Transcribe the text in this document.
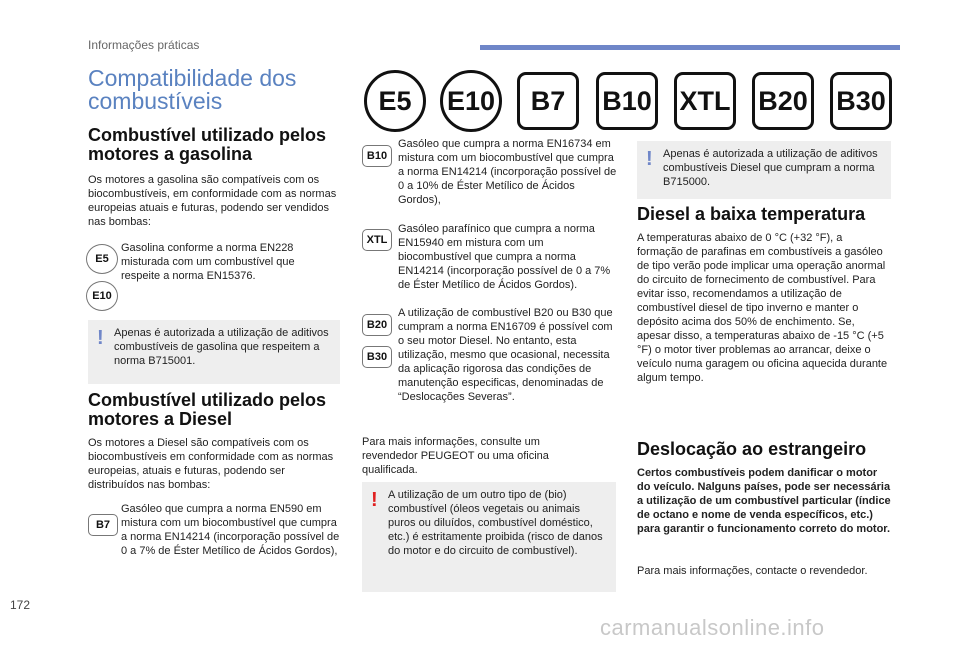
Informações práticas
Compatibilidade dos combustíveis	E5	E10	B7	B10 XTL B20 B30
Combustível utilizado pelos motores a gasolina
Os motores a gasolina são compatíveis com os biocombustíveis, em conformidade com as normas europeias atuais e futuras, podendo ser vendidos nas bombas:
E5
E10
Gasolina conforme a norma EN228 misturada com um combustível que respeite a norma EN15376.
! Apenas é autorizada a utilização de aditivos combustíveis de gasolina que respeitem a norma B715001.
Combustível utilizado pelos motores a Diesel
Os motores a Diesel são compatíveis com os biocombustíveis em conformidade com as normas europeias, atuais e futuras, podendo ser distribuídos nas bombas:
B7
Gasóleo que cumpra a norma EN590 em mistura com um biocombustível que cumpra a norma EN14214 (incorporação possível de 0 a 7% de Éster Metílico de Ácidos Gordos),
B10
Gasóleo que cumpra a norma EN16734 em mistura com um biocombustível que cumpra a norma EN14214 (incorporação possível de 0 a 10% de Éster Metílico de Ácidos Gordos),
XTL
Gasóleo parafínico que cumpra a norma EN15940 em mistura com um biocombustível que cumpra a norma EN14214 (incorporação possível de 0 a 7% de Éster Metílico de Ácidos Gordos).
B20
B30
A utilização de combustível B20 ou B30 que cumpram a norma EN16709 é possível com o seu motor Diesel. No entanto, esta utilização, mesmo que ocasional, necessita da aplicação rigorosa das condições de manutenção especificas, denominadas de “Deslocações Severas”.
Para mais informações, consulte um revendedor PEUGEOT ou uma oficina qualificada.
! A utilização de um outro tipo de (bio) combustível (óleos vegetais ou animais puros ou diluídos, combustível doméstico, etc.) é estritamente proibida (risco de danos do motor e do circuito de combustível).
! Apenas é autorizada a utilização de aditivos combustíveis Diesel que cumpram a norma B715000.
Diesel a baixa temperatura
A temperaturas abaixo de 0 °C (+32 °F), a formação de parafinas em combustíveis a gasóleo de tipo verão pode implicar uma operação anormal do circuito de fornecimento de combustível. Para evitar isso, recomendamos a utilização de combustível diesel de tipo inverno e manter o depósito acima dos 50% de enchimento. Se, apesar disso, a temperaturas abaixo de -15 °C (+5 °F) o motor tiver problemas ao arrancar, deixe o veículo numa garagem ou oficina aquecida durante algum tempo.
Deslocação ao estrangeiro
Certos combustíveis podem danificar o motor do veículo. Nalguns países, pode ser necessária a utilização de um combustível particular (índice de octano e nome de venda específicos, etc.) para garantir o funcionamento correto do motor.
Para mais informações, contacte o revendedor.
172
carmanualsonline.info
